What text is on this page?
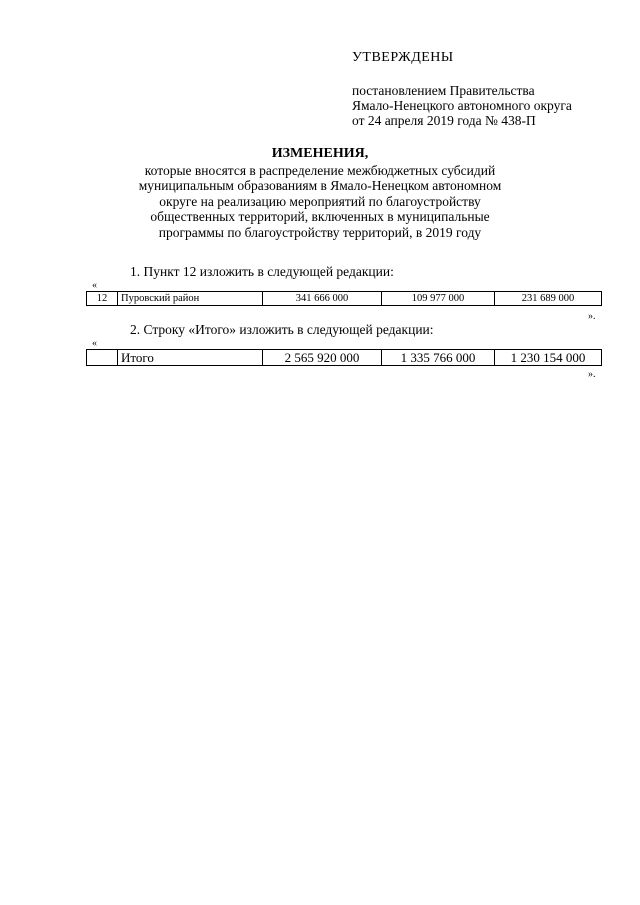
УТВЕРЖДЕНЫ
постановлением Правительства
Ямало-Ненецкого автономного округа
от 24 апреля 2019 года № 438-П
ИЗМЕНЕНИЯ,
которые вносятся в распределение межбюджетных субсидий
муниципальным образованиям в Ямало-Ненецком автономном
округе на реализацию мероприятий по благоустройству
общественных территорий, включенных в муниципальные
программы по благоустройству территорий, в 2019 году
1. Пункт 12 изложить в следующей редакции:
«
12	Пуровский район	341 666 000	109 977 000	231 689 000
».
2. Строку «Итого» изложить в следующей редакции:
«
	Итого	2 565 920 000	1 335 766 000	1 230 154 000
».
